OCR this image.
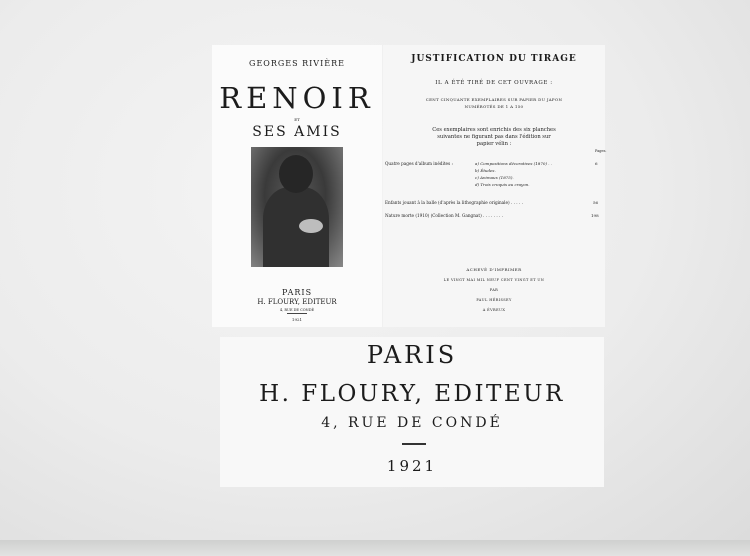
GEORGES RIVIÈRE
RENOIR
ET
SES AMIS
PARIS
H. FLOURY, EDITEUR
4, RUE DE CONDÉ
1921
JUSTIFICATION DU TIRAGE
IL A ÉTÉ TIRÉ DE CET OUVRAGE :
CENT CINQUANTE EXEMPLAIRES SUR PAPIER DU JAPON
NUMÉROTÉS DE 1 A 150
Ces exemplaires sont enrichis des six planches
suivantes ne figurant pas dans l'édition sur
papier vélin :
Pages.
Quatre pages d'album inédites :	a) Compositions décoratives (1870) . .	6
b) Études.
c) Animaux (1875).
d) Trois croquis au crayon.
Enfants jouant à la balle (d'après la lithographie originale) . . . . .	56
Nature morte (1910) (Collection M. Gangnat) . . . . . . . .	198
ACHEVÉ D'IMPRIMER
LE VINGT MAI MIL NEUF CENT VINGT ET UN
PAR
PAUL HÉRISSEY
A ÉVREUX
PARIS
H. FLOURY, EDITEUR
4, RUE DE CONDÉ
1921
